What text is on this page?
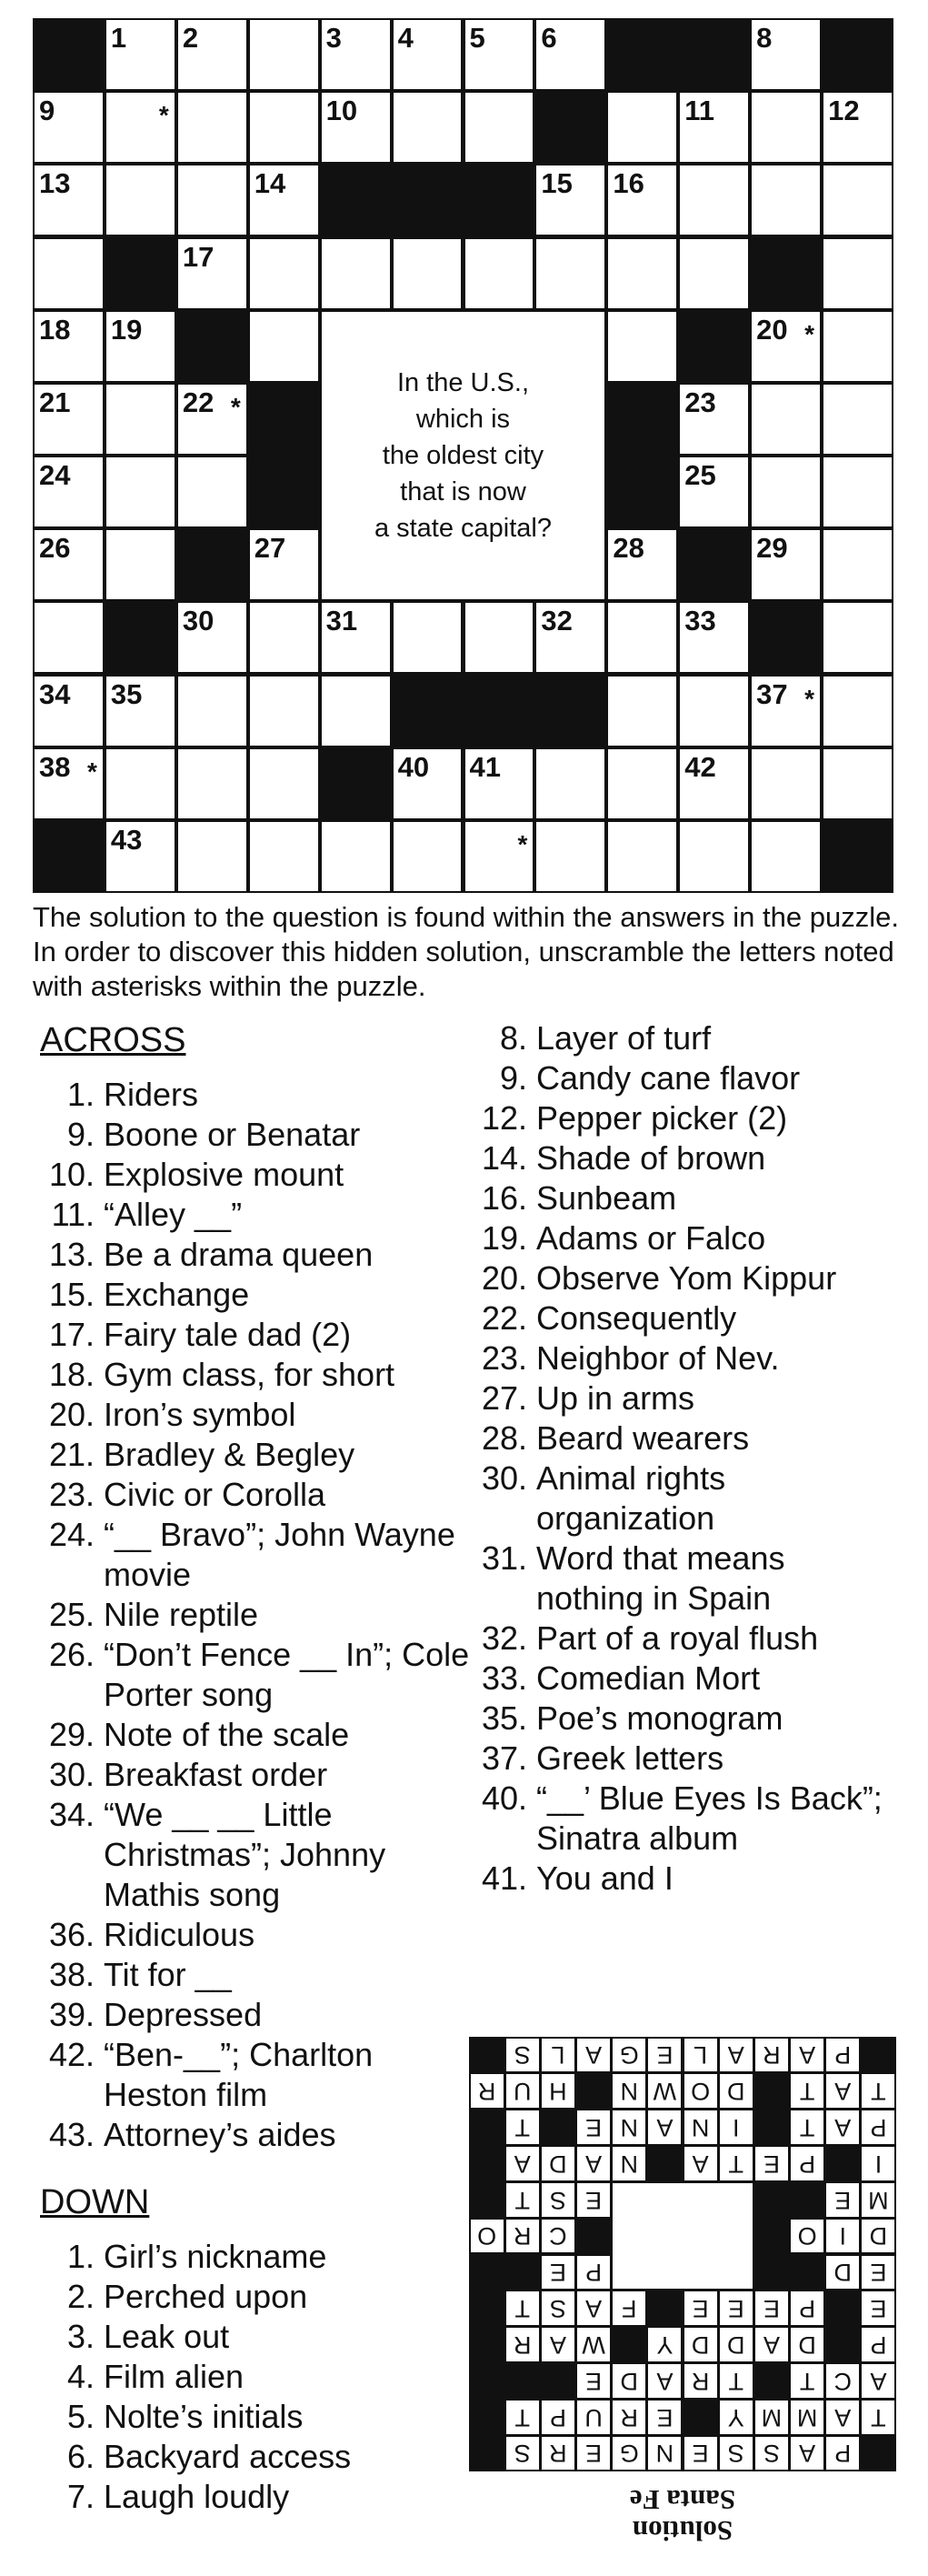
1 2	3 4 5 6	8
9	*	10	11	12
13	14	15 16
17
18 19	20 *
21	22 *	23
24	25
26	27	28	29
30	31	32	33
34 35	37 *
38 *	40 41	42
43	*
In the U.S.,
which is
the oldest city
that is now
a state capital?

The solution to the question is found within the answers in the puzzle. In order to discover this hidden solution, unscramble the letters noted with asterisks within the puzzle.

ACROSS
1. Riders
9. Boone or Benatar
10. Explosive mount
11. “Alley __”
13. Be a drama queen
15. Exchange
17. Fairy tale dad (2)
18. Gym class, for short
20. Iron’s symbol
21. Bradley & Begley
23. Civic or Corolla
24. “__ Bravo”; John Wayne movie
25. Nile reptile
26. “Don’t Fence __ In”; Cole Porter song
29. Note of the scale
30. Breakfast order
34. “We __ __ Little Christmas”; Johnny Mathis song
36. Ridiculous
38. Tit for __
39. Depressed
42. “Ben-__”; Charlton Heston film
43. Attorney’s aides
8. Layer of turf
9. Candy cane flavor
12. Pepper picker (2)
14. Shade of brown
16. Sunbeam
19. Adams or Falco
20. Observe Yom Kippur
22. Consequently
23. Neighbor of Nev.
27. Up in arms
28. Beard wearers
30. Animal rights organization
31. Word that means nothing in Spain
32. Part of a royal flush
33. Comedian Mort
35. Poe’s monogram
37. Greek letters
40. “__’ Blue Eyes Is Back”; Sinatra album
41. You and I
DOWN
1. Girl’s nickname
2. Perched upon
3. Leak out
4. Film alien
5. Nolte’s initials
6. Backyard access
7. Laugh loudly
Solution
Santa Fe
P
A
S
S
E
N
G
E
R
S
T
A
M
M
Y
E
R
U
P
T
A
C
T
T
R
A
D
E
P
D
A
D
D
Y
W
A
R
E
P
E
E
E
F
A
S
T
E
D
P
E
D
I
O
C
R
O
M
E
E
S
T
I
P
E
T
A
N
A
D
A
P
A
T
I
N
A
N
E
T
T
A
T
D
O
W
N
H
U
R
P
A
R
A
L
E
G
A
L
S
